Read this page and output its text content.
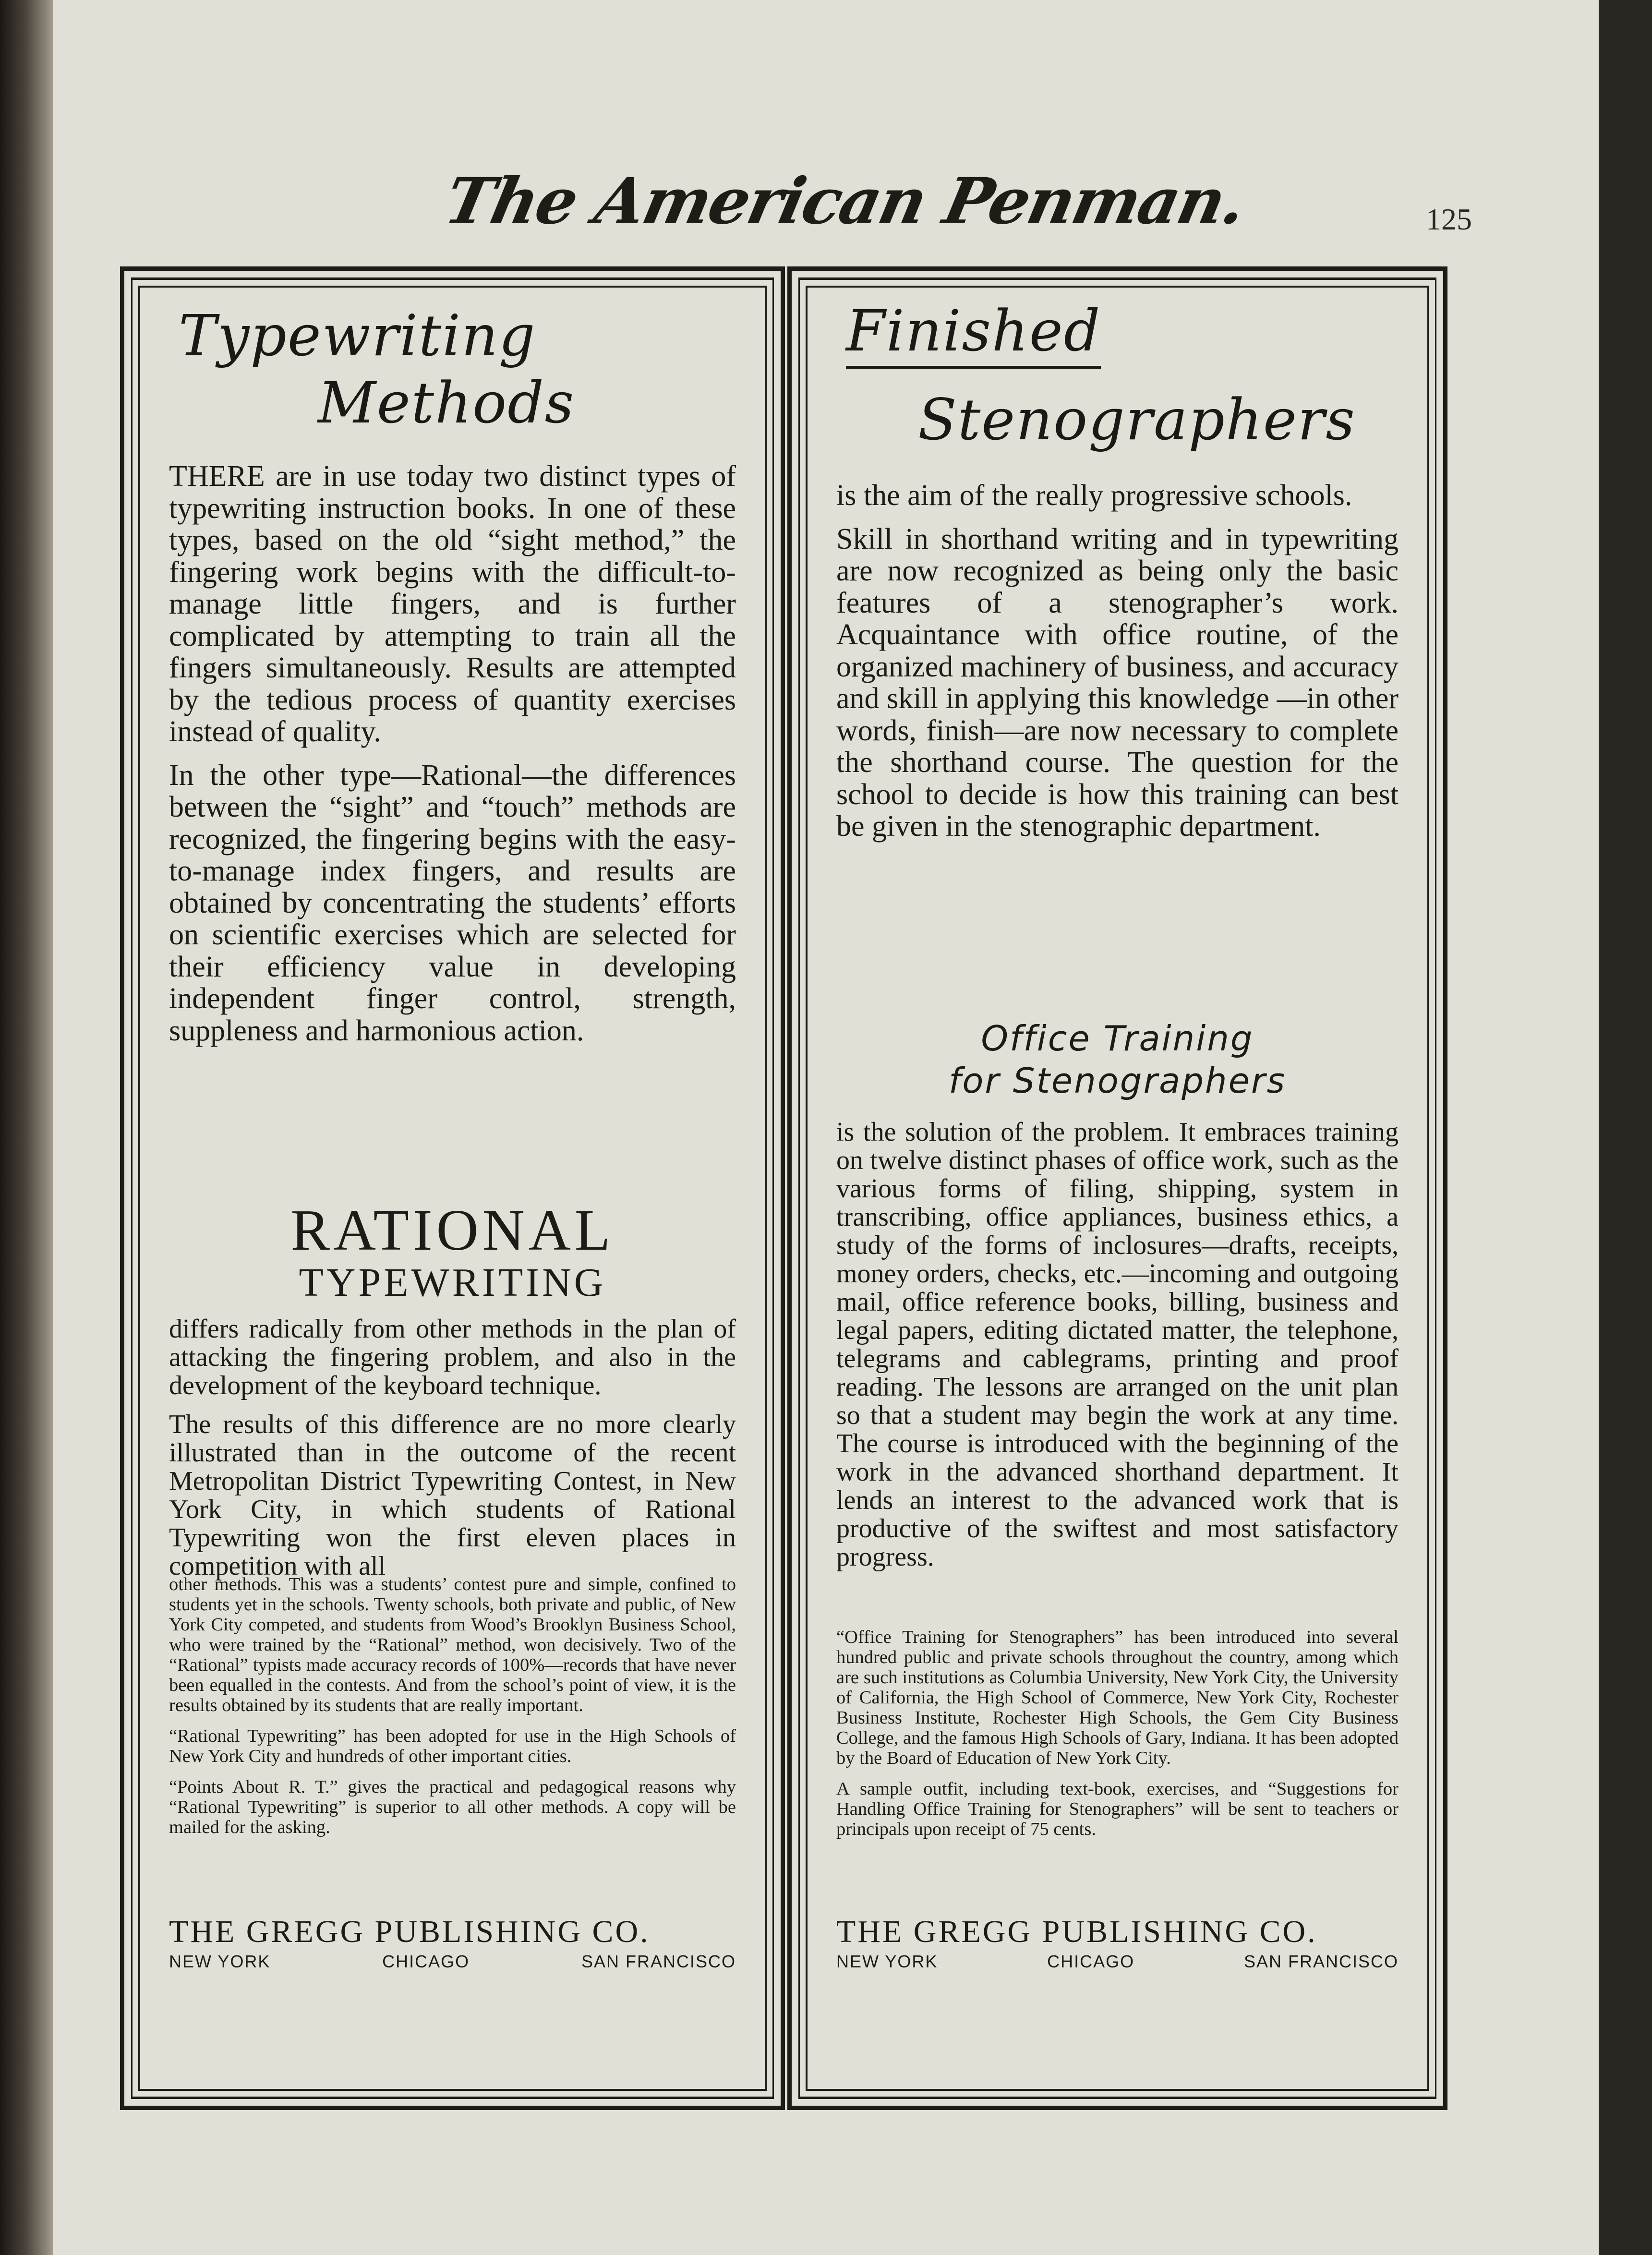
The American Penman.	125
Typewriting
Methods

THERE are in use today two distinct types of typewriting instruction books. In one of these types, based on the old “sight method,” the fingering work begins with the difficult-to-manage little fingers, and is further complicated by attempting to train all the fingers simultaneously. Results are attempted by the tedious process of quantity exercises instead of quality.

In the other type—Rational—the differences between the “sight” and “touch” methods are recognized, the fingering begins with the easy-to-manage index fingers, and results are obtained by concentrating the students’ efforts on scientific exercises which are selected for their efficiency value in developing independent finger control, strength, suppleness and harmonious action.

RATIONAL
TYPEWRITING

differs radically from other methods in the plan of attacking the fingering problem, and also in the development of the keyboard technique.

The results of this difference are no more clearly illustrated than in the outcome of the recent Metropolitan District Typewriting Contest, in New York City, in which students of Rational Typewriting won the first eleven places in competition with all

other methods. This was a students’ contest pure and simple, confined to students yet in the schools. Twenty schools, both private and public, of New York City competed, and students from Wood’s Brooklyn Business School, who were trained by the “Rational” method, won decisively. Two of the “Rational” typists made accuracy records of 100%—records that have never been equalled in the contests. And from the school’s point of view, it is the results obtained by its students that are really important.

“Rational Typewriting” has been adopted for use in the High Schools of New York City and hundreds of other important cities.

“Points About R. T.” gives the practical and pedagogical reasons why “Rational Typewriting” is superior to all other methods. A copy will be mailed for the asking.

THE GREGG PUBLISHING CO.
NEW YORK	CHICAGO	SAN FRANCISCO
Finished
Stenographers

is the aim of the really progressive schools.

Skill in shorthand writing and in typewriting are now recognized as being only the basic features of a stenographer’s work. Acquaintance with office routine, of the organized machinery of business, and accuracy and skill in applying this knowledge —in other words, finish—are now necessary to complete the shorthand course. The question for the school to decide is how this training can best be given in the stenographic department.

Office Training
for Stenographers

is the solution of the problem. It embraces training on twelve distinct phases of office work, such as the various forms of filing, shipping, system in transcribing, office appliances, business ethics, a study of the forms of inclosures—drafts, receipts, money orders, checks, etc.—incoming and outgoing mail, office reference books, billing, business and legal papers, editing dictated matter, the telephone, telegrams and cablegrams, printing and proof reading. The lessons are arranged on the unit plan so that a student may begin the work at any time. The course is introduced with the beginning of the work in the advanced shorthand department. It lends an interest to the advanced work that is productive of the swiftest and most satisfactory progress.

“Office Training for Stenographers” has been introduced into several hundred public and private schools throughout the country, among which are such institutions as Columbia University, New York City, the University of California, the High School of Commerce, New York City, Rochester Business Institute, Rochester High Schools, the Gem City Business College, and the famous High Schools of Gary, Indiana. It has been adopted by the Board of Education of New York City.

A sample outfit, including text-book, exercises, and “Suggestions for Handling Office Training for Stenographers” will be sent to teachers or principals upon receipt of 75 cents.

THE GREGG PUBLISHING CO.
NEW YORK	CHICAGO	SAN FRANCISCO
